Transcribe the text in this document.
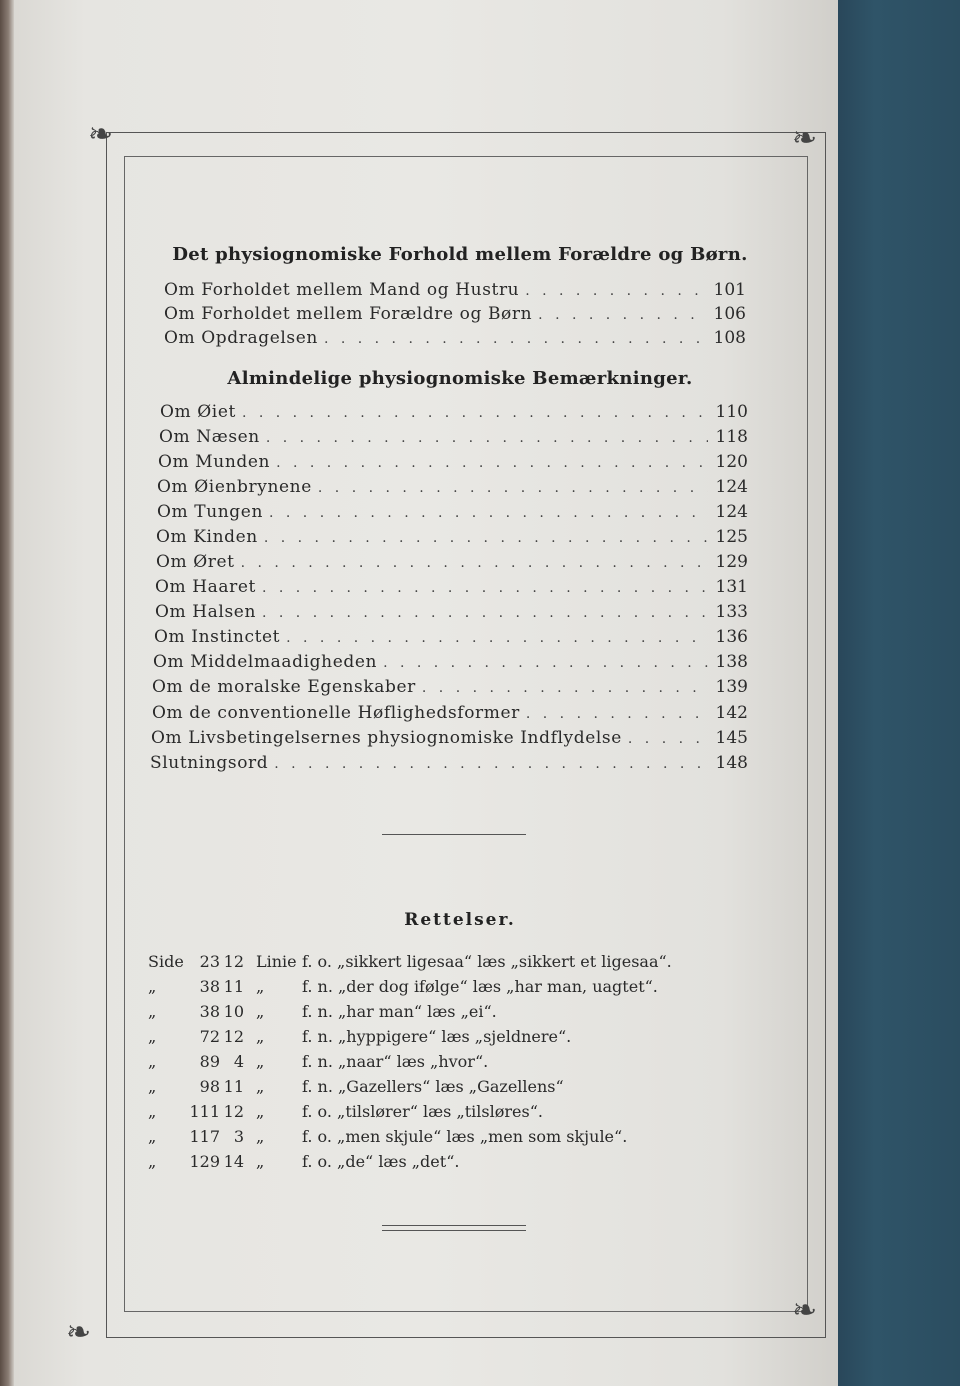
❧	❧
❧
❧
Det physiognomiske Forhold mellem Forældre og Børn.
Om Forholdet mellem Mand og Hustru . . .	101
Om Forholdet mellem Forældre og Børn . . .	106
Om Opdragelsen . . .	108
Almindelige physiognomiske Bemærkninger.
Om Øiet . . .	110
Om Næsen . . .	118
Om Munden . . .	120
Om Øienbrynene . . .	124
Om Tungen . . .	124
Om Kinden . . .	125
Om Øret . . .	129
Om Haaret . . .	131
Om Halsen . . .	133
Om Instinctet . . .	136
Om Middelmaadigheden . . .	138
Om de moralske Egenskaber . . .	139
Om de conventionelle Høflighedsformer . . .	142
Om Livsbetingelsernes physiognomiske Indflydelse . . .	145
Slutningsord . . .	148
Rettelser.
Side 23 12 Linie f. o. „sikkert ligesaa“ læs „sikkert et ligesaa“.
„	38 11 „	f. n. „der dog ifølge“ læs „har man, uagtet“.
„	38 10 „	f. n. „har man“ læs „ei“.
„	72 12 „	f. n. „hyppigere“ læs „sjeldnere“.
„	89 4 „	f. n. „naar“ læs „hvor“.
„	98 11 „	f. n. „Gazellers“ læs „Gazellens“
„	111 12 „	f. o. „tilslører“ læs „tilsløres“.
„	117 3 „	f. o. „men skjule“ læs „men som skjule“.
„	129 14 „	f. o. „de“ læs „det“.
